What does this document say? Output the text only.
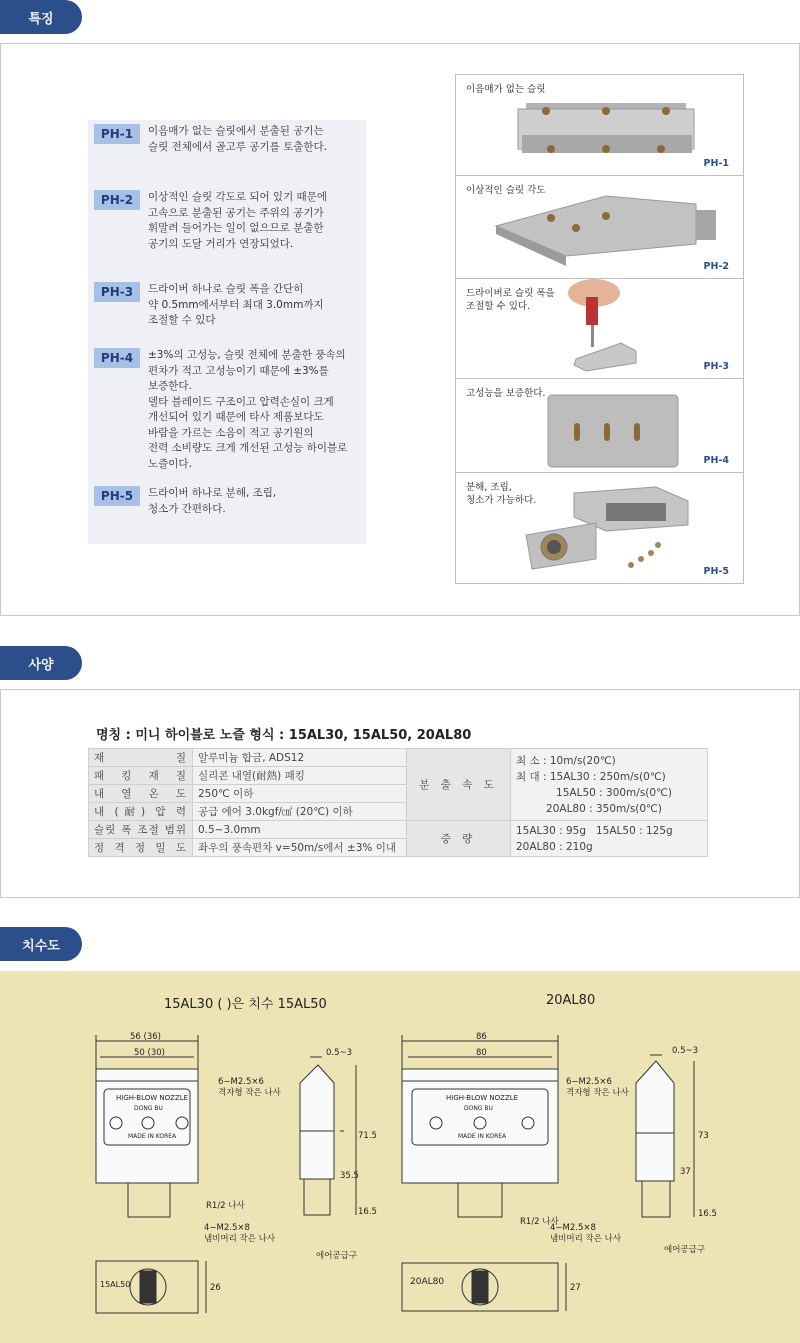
특징
PH-1	이음매가 없는 슬릿에서 분출된 공기는
슬릿 전체에서 골고루 공기를 토출한다.
PH-2	이상적인 슬릿 각도로 되어 있기 때문에
고속으로 분출된 공기는 주위의 공기가
휘말려 들어가는 일이 없으므로 분출한
공기의 도달 거리가 연장되었다.
PH-3	드라이버 하나로 슬릿 폭을 간단히
약 0.5mm에서부터 최대 3.0mm까지
조절할 수 있다
PH-4	±3%의 고성능, 슬릿 전체에 분출한 풍속의
편차가 적고 고성능이기 때문에 ±3%를
보증한다.
델타 블레이드 구조이고 압력손실이 크게
개선되어 있기 때문에 타사 제품보다도
바람을 가르는 소음이 적고 공기원의
전력 소비량도 크게 개선된 고성능 하이블로
노즐이다.
PH-5	드라이버 하나로 분해, 조립,
청소가 간편하다.
이음매가 없는 슬릿
PH-1
이상적인 슬릿 각도
PH-2
드라이버로 슬릿 폭을
조절할 수 있다.
PH-3
고성능을 보증한다.
PH-4
분해, 조립,
청소가 가능하다.
PH-5
사양
명칭 : 미니 하이블로 노즐 형식 : 15AL30, 15AL50, 20AL80
재 질	알루미늄 합금, ADS12	분 출 속 도	최 소 : 10m/s(20℃)
최 대 : 15AL30 : 250m/s(0℃)
15AL50 : 300m/s(0℃)
20AL80 : 350m/s(0℃)
패 킹 재 질	실리콘 내열(耐熱) 패킹		
내 열 온 도	250℃ 이하		
내 (耐) 압 력	공급 에어 3.0kgf/㎠ (20℃) 이하		
슬릿 폭 조절 범위	0.5~3.0mm	중 량	15AL30 : 95g   15AL50 : 125g
20AL80 : 210g
정 격 정 밀 도	좌우의 풍속편차 v=50m/s에서 ±3% 이내		
치수도
15AL30 ( )은 치수 15AL50	20AL80
56 (36)
50 (30)	0.5~3
HIGH-BLOW NOZZLE
DONG BU
MADE IN KOREA
6−M2.5×6
격자형 작은 나사
R1/2 나사
4−M2.5×8
냄비머리 작은 나사
에어공급구
71.5
35.5
16.5
26
15AL50
86
80	0.5~3
HIGH-BLOW NOZZLE
DONG BU
MADE IN KOREA
6−M2.5×6
격자형 작은 나사
R1/2 나사
4−M2.5×8
냄비머리 작은 나사
에어공급구
73
37
16.5
27
20AL80
